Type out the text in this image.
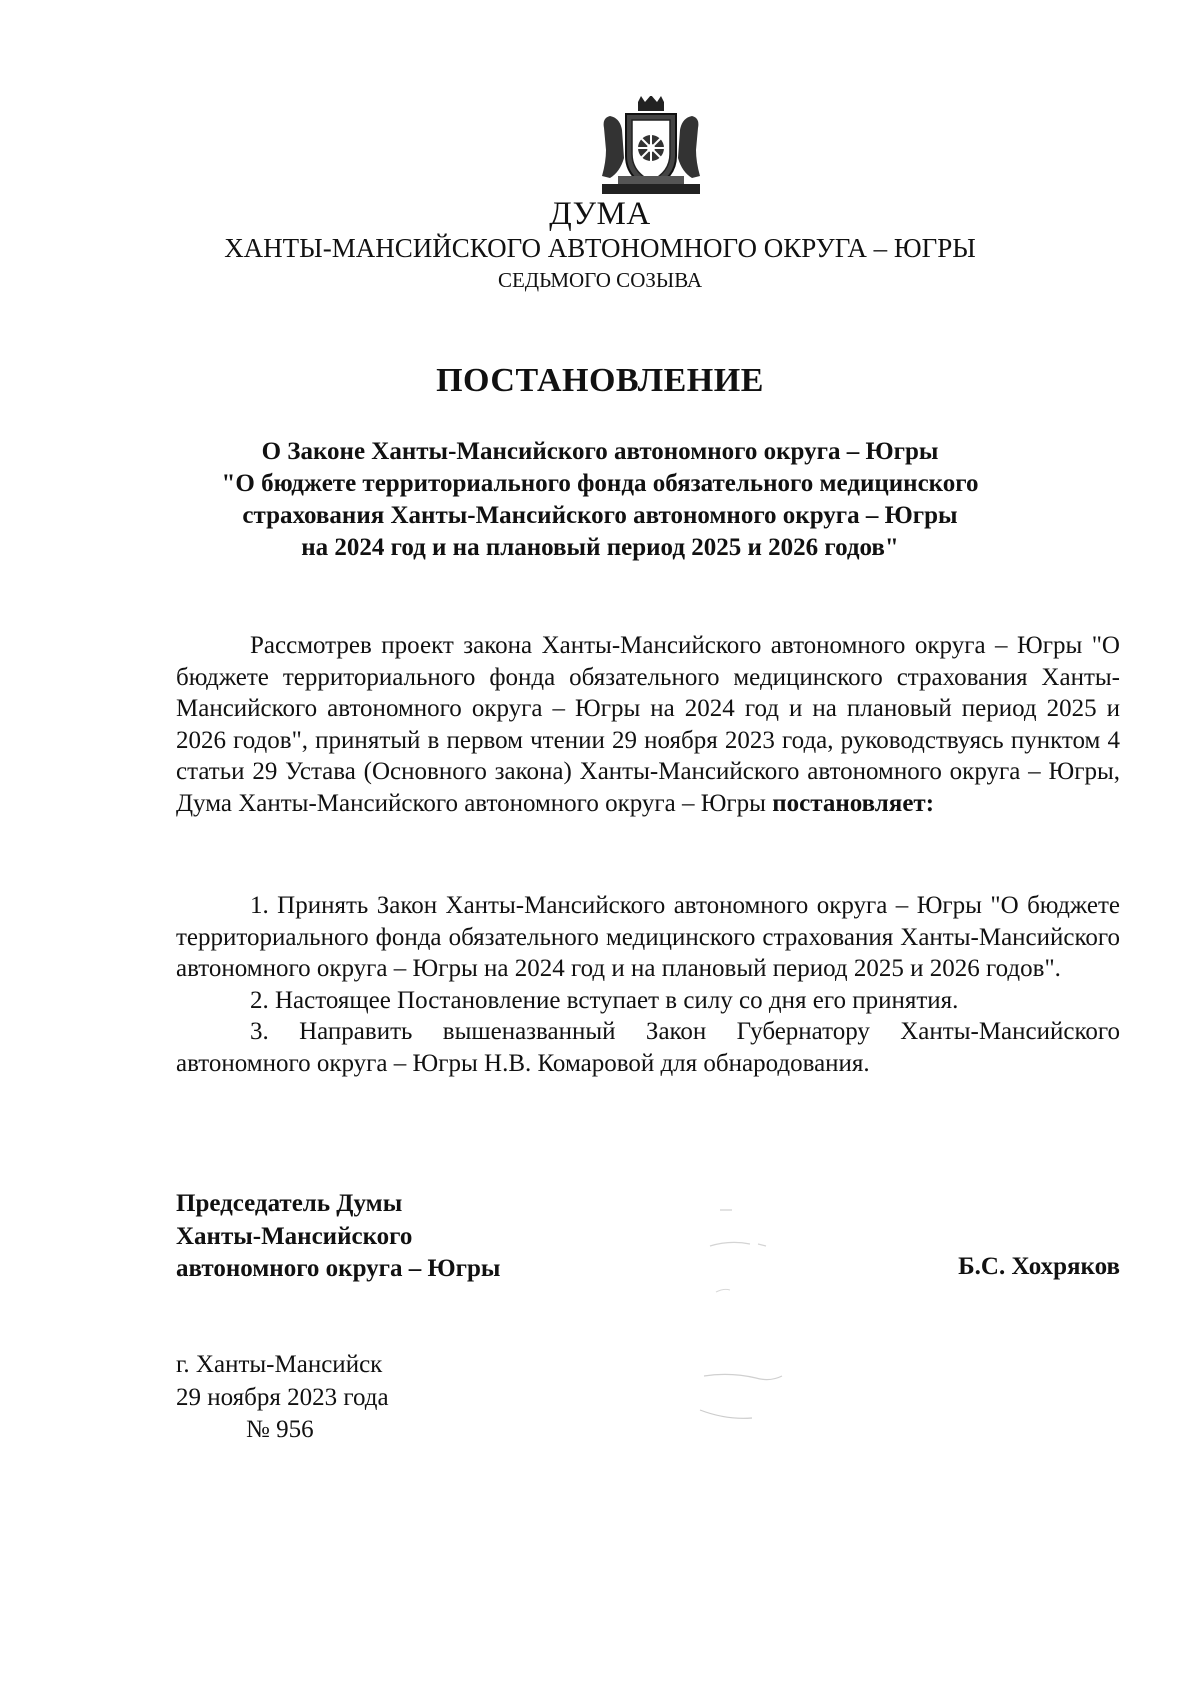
ДУМА
ХАНТЫ-МАНСИЙСКОГО АВТОНОМНОГО ОКРУГА – ЮГРЫ
СЕДЬМОГО СОЗЫВА
ПОСТАНОВЛЕНИЕ
О Законе Ханты-Мансийского автономного округа – Югры
"О бюджете территориального фонда обязательного медицинского
страхования Ханты-Мансийского автономного округа – Югры
на 2024 год и на плановый период 2025 и 2026 годов"
Рассмотрев проект закона Ханты-Мансийского автономного округа – Югры "О бюджете территориального фонда обязательного медицинского страхования Ханты-Мансийского автономного округа – Югры на 2024 год и на плановый период 2025 и 2026 годов", принятый в первом чтении 29 ноября 2023 года, руководствуясь пунктом 4 статьи 29 Устава (Основного закона) Ханты-Мансийского автономного округа – Югры, Дума Ханты-Мансийского автономного округа – Югры постановляет:
1. Принять Закон Ханты-Мансийского автономного округа – Югры "О бюджете территориального фонда обязательного медицинского страхования Ханты-Мансийского автономного округа – Югры на 2024 год и на плановый период 2025 и 2026 годов".
2. Настоящее Постановление вступает в силу со дня его принятия.
3. Направить вышеназванный Закон Губернатору Ханты-Мансийского автономного округа – Югры Н.В. Комаровой для обнародования.
Председатель Думы
Ханты-Мансийского
автономного округа – Югры	Б.С. Хохряков
г. Ханты-Мансийск
29 ноября 2023 года
№ 956
